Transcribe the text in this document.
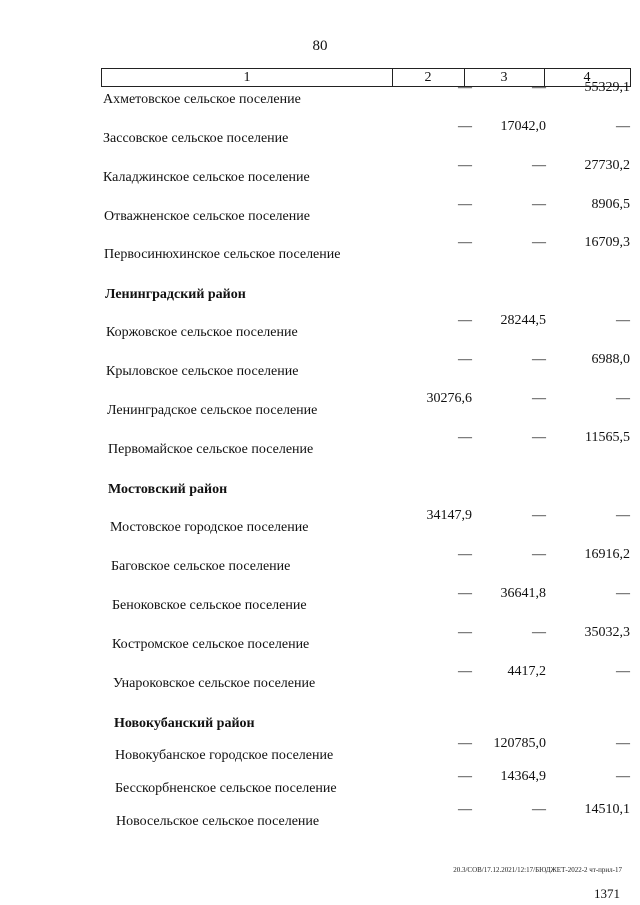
80
1	2	3	4
Ахметовское сельское поселение
—	—	55329,1
Зассовское сельское поселение
— 17042,0	—
Каладжинское сельское поселение
—	—	27730,2
Отважненское сельское поселение
—	—	8906,5
Первосинюхинское сельское поселение
—	—	16709,3
Ленинградский район
Коржовское сельское поселение
— 28244,5	—
Крыловское сельское поселение
—	—	6988,0
Ленинградское сельское поселение
30276,6	—	—
Первомайское сельское поселение
—	—	11565,5
Мостовский район
Мостовское городское поселение
34147,9	—	—
Баговское сельское поселение
—	—	16916,2
Беноковское сельское поселение
— 36641,8	—
Костромское сельское поселение
—	—	35032,3
Унароковское сельское поселение
—	4417,2	—
Новокубанский район
Новокубанское городское поселение
— 120785,0	—
Бесскорбненское сельское поселение
— 14364,9	—
Новосельское сельское поселение
—	—	14510,1
20.3/СОВ/17.12.2021/12:17/БЮДЖЕТ-2022-2 чт-прил-17
1371
